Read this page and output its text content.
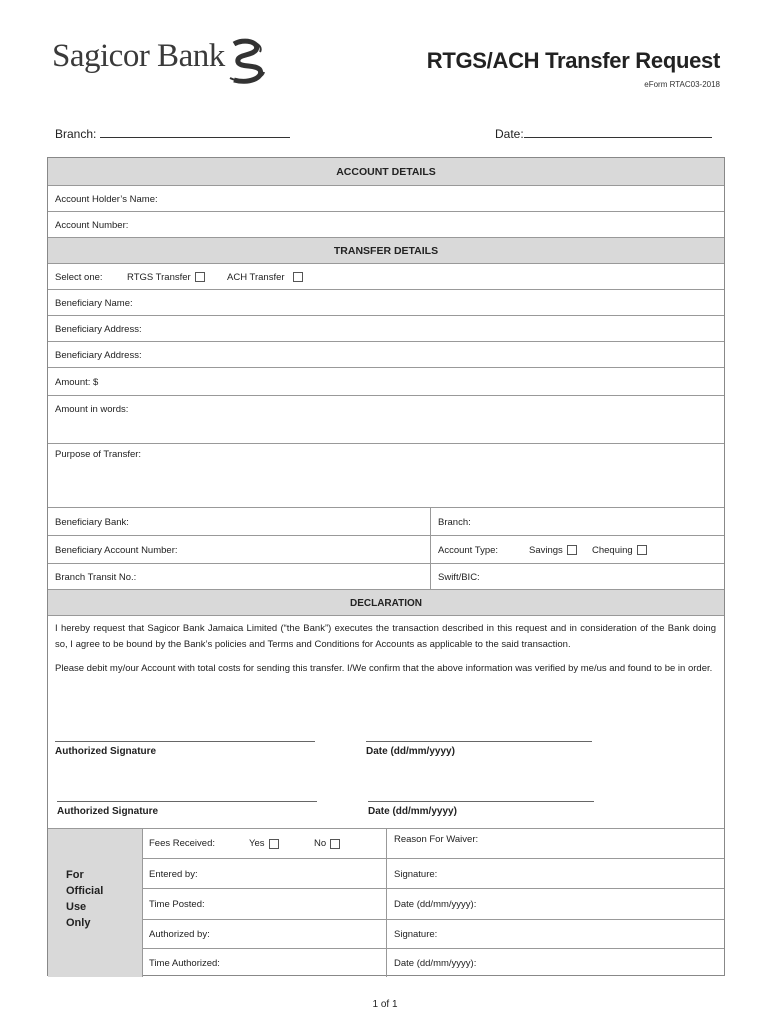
Sagicor Bank	RTGS/ACH Transfer Request
eForm RTAC03-2018
Branch:	Date:
ACCOUNT DETAILS
Account Holder’s Name:
Account Number:
TRANSFER DETAILS
Select one:	RTGS Transfer	ACH Transfer
Beneficiary Name:
Beneficiary Address:
Beneficiary Address:
Amount: $
Amount in words:
Purpose of Transfer:
Beneficiary Bank:	Branch:
Beneficiary Account Number:	Account Type:	Savings	Chequing
Branch Transit No.:	Swift/BIC:
DECLARATION
I hereby request that Sagicor Bank Jamaica Limited (“the Bank”) executes the transaction described in this request and in consideration of the Bank doing so, I agree to be bound by the Bank’s policies and Terms and Conditions for Accounts as applicable to the said transaction.
Please debit my/our Account with total costs for sending this transfer. I/We confirm that the above information was verified by me/us and found to be in order.
Authorized Signature	Date (dd/mm/yyyy)
Authorized Signature	Date (dd/mm/yyyy)
For
Official
Use
Only
Fees Received:	Yes	No	Reason For Waiver:
Entered by:	Signature:
Time Posted:	Date (dd/mm/yyyy):
Authorized by:	Signature:
Time Authorized:	Date (dd/mm/yyyy):
1 of 1
